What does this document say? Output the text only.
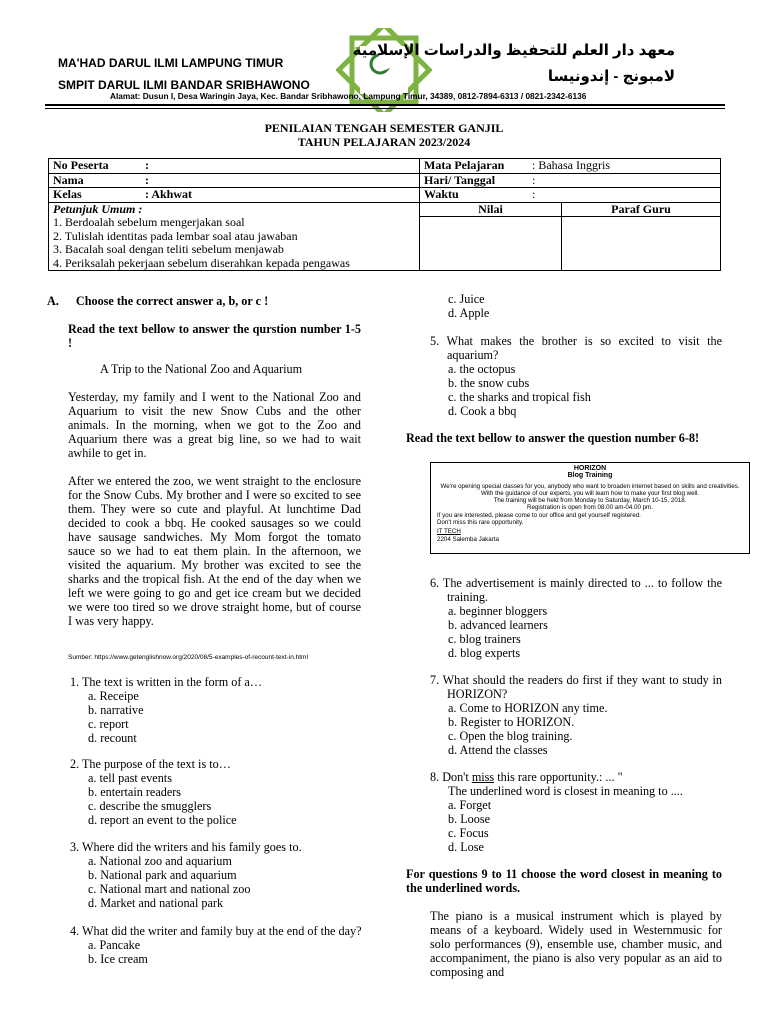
MA'HAD DARUL ILMI LAMPUNG TIMUR
SMPIT DARUL ILMI BANDAR SRIBHAWONO
معهد دار العلم للتحفيظ والدراسات الإسلامية
لامبونج - إندونيسا
Alamat: Dusun I, Desa Waringin Jaya, Kec. Bandar Sribhawono, Lampung Timur, 34389, 0812-7894-6313 / 0821-2342-6136
PENILAIAN TENGAH SEMESTER GANJIL
TAHUN PELAJARAN 2023/2024
No Peserta :	Mata Pelajaran : Bahasa Inggris	
Nama :	Hari/ Tanggal :	
Kelas : Akhwat	Waktu :	

Petunjuk Umum :
1. Berdoalah sebelum mengerjakan soal
2. Tulislah identitas pada lembar soal atau jawaban
3. Bacalah soal dengan teliti sebelum menjawab
4. Periksalah pekerjaan sebelum diserahkan kepada pengawas	Nilai	Paraf Guru

A. Choose the correct answer a, b, or c !
Read the text bellow to answer the qurstion number 1-5 !
A Trip to the National Zoo and Aquarium
Yesterday, my family and I went to the National Zoo and Aquarium to visit the new Snow Cubs and the other animals. In the morning, when we got to the Zoo and Aquarium there was a great big line, so we had to wait awhile to get in.
After we entered the zoo, we went straight to the enclosure for the Snow Cubs. My brother and I were so excited to see them. They were so cute and playful. At lunchtime Dad decided to cook a bbq. He cooked sausages so we could have sausage sandwiches. My Mom forgot the tomato sauce so we had to eat them plain. In the afternoon, we visited the aquarium. My brother was excited to see the sharks and the tropical fish. At the end of the day when we left we were going to go and get ice cream but we decided we were too tired so we drove straight home, but of course I was very happy.
Sumber: https://www.getenglishnow.org/2020/08/5-examples-of-recount-text-in.html
1. The text is written in the form of a…
a. Receipe
b. narrative
c. report
d. recount
2. The purpose of the text is to…
a. tell past events
b. entertain readers
c. describe the smugglers
d. report an event to the police
3. Where did the writers and his family goes to.
a. National zoo and aquarium
b. National park and aquarium
c. National mart and national zoo
d. Market and national park
4. What did the writer and family buy at the end of the day?
a. Pancake
b. Ice cream
c. Juice
d. Apple
5. What makes the brother is so excited to visit the aquarium?
a. the octopus
b. the snow cubs
c. the sharks and tropical fish
d. Cook a bbq
Read the text bellow to answer the question number 6-8!
HORIZON
Blog Training
We're opening special classes for you, anybody who want to broaden internet based on skills and creativities. With the guidance of our experts, you will learn how to make your first blog well.
The training will be held from Monday to Saturday, March 10-15, 2018.
Registration is open from 08.00 am-04.00 pm.
If you are interested, please come to our office and get yourself registered.
Don't miss this rare opportunity.
IT TECH
2204 Salemba Jakarta
6. The advertisement is mainly directed to ... to follow the training.
a. beginner bloggers
b. advanced learners
c. blog trainers
d. blog experts
7. What should the readers do first if they want to study in HORIZON?
a. Come to HORIZON any time.
b. Register to HORIZON.
c. Open the blog training.
d. Attend the classes
8. Don't miss this rare opportunity.: ... "
The underlined word is closest in meaning to ....
a. Forget
b. Loose
c. Focus
d. Lose
For questions 9 to 11 choose the word closest in meaning to the underlined words.
The piano is a musical instrument which is played by means of a keyboard. Widely used in Westernmusic for solo performances (9), ensemble use, chamber music, and accompaniment, the piano is also very popular as an aid to composing and
